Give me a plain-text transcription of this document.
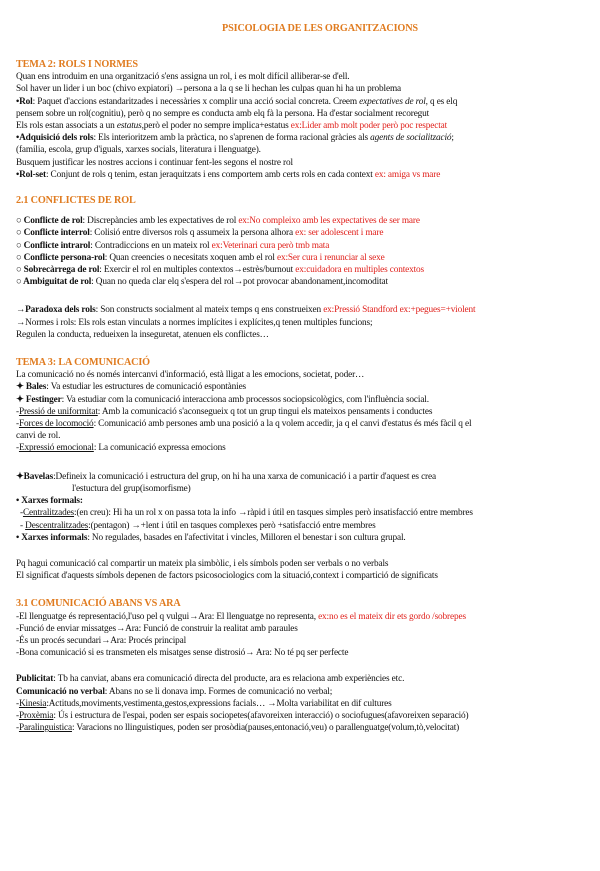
PSICOLOGIA DE LES ORGANITZACIONS
TEMA 2: ROLS I NORMES
Quan ens introduim en una organització s'ens assigna un rol, i es molt difícil alliberar-se d'ell.
Sol haver un lider i un boc (chivo expiatori) →persona a la q se li hechan les culpas quan hi ha un problema
•Rol: Paquet d'accions estandaritzades i necessàries x complir una acció social concreta. Creem expectatives de rol, q es elq
pensem sobre un rol(cognitiu), però q no sempre es conducta amb elq fà la persona. Ha d'estar socialment recoregut
Els rols estan associats a un estatus,però el poder no sempre implica+estatus ex:Lider amb molt poder però poc respectat
•Adquisició dels rols: Els interioritzem amb la pràctica, no s'aprenen de forma racional gràcies als agents de socialització;
(familia, escola, grup d'iguals, xarxes socials, literatura i llenguatge).
Busquem justificar les nostres accions i continuar fent-les segons el nostre rol
•Rol-set: Conjunt de rols q tenim, estan jeraquitzats i ens comportem amb certs rols en cada context ex: amiga vs mare
2.1 CONFLICTES DE ROL
○ Conflicte de rol: Discrepàncies amb les expectatives de rol ex:No compleixo amb les expectatives de ser mare
○ Conflicte interrol: Colisió entre diversos rols q assumeix la persona alhora ex: ser adolescent i mare
○ Conflicte intrarol: Contradiccions en un mateix rol ex:Veterinari cura però tmb mata
○ Conflicte persona-rol: Quan creencies o necesitats xoquen amb el rol ex:Ser cura i renunciar al sexe
○ Sobrecàrrega de rol: Exercir el rol en multiples contextos→estrès/burnout ex:cuidadora en multiples contextos
○ Ambiguitat de rol: Quan no queda clar elq s'espera del rol→pot provocar abandonament,incomoditat
→Paradoxa dels rols: Son constructs socialment al mateix temps q ens construeixen ex:Pressió Standford ex:+pegues=+violent
→Normes i rols: Els rols estan vinculats a normes implícites i explícites,q tenen multiples funcions;
Regulen la conducta, redueixen la inseguretat, atenuen els conflictes…
TEMA 3: LA COMUNICACIÓ
La comunicació no és només intercanvi d'informació, està lligat a les emocions, societat, poder…
✦ Bales: Va estudiar les estructures de comunicació espontànies
✦ Festinger: Va estudiar com la comunicació interacciona amb processos sociopsicològics, com l'influència social.
-Pressió de uniformitat: Amb la comunicació s'aconsegueix q tot un grup tingui els mateixos pensaments i conductes
-Forces de locomoció: Comunicació amb persones amb una posició a la q volem accedir, ja q el canvi d'estatus és més fàcil q el
canvi de rol.
-Expressió emocional: La comunicació expressa emocions
✦Bavelas:Defineix la comunicació i estructura del grup, on hi ha una xarxa de comunicació i a partir d'aquest es crea
l'estuctura del grup(isomorfisme)
• Xarxes formals:
-Centralitzades:(en creu): Hi ha un rol x on passa tota la info →ràpid i útil en tasques simples però insatisfacció entre membres
- Descentralitzades:(pentagon) →+lent i útil en tasques complexes però +satisfacció entre membres
• Xarxes informals: No regulades, basades en l'afectivitat i vincles, Milloren el benestar i son cultura grupal.
Pq hagui comunicació cal compartir un mateix pla simbòlic, i els símbols poden ser verbals o no verbals
El significat d'aquests símbols depenen de factors psicosociologics com la situació,context i compartició de significats
3.1 COMUNICACIÓ ABANS VS ARA
-El llenguatge és representació,l'uso pel q vulgui→Ara: El llenguatge no representa, ex:no es el mateix dir ets gordo /sobrepes
-Funció de enviar missatges→Ara: Funció de construir la realitat amb paraules
-És un procés secundari→Ara: Procés principal
-Bona comunicació si es transmeten els misatges sense distrosió→ Ara: No té pq ser perfecte
Publicitat: Tb ha canviat, abans era comunicació directa del producte, ara es relaciona amb experiències etc.
Comunicació no verbal: Abans no se li donava imp. Formes de comunicació no verbal;
-Kinesia:Actituds,moviments,vestimenta,gestos,expressions facials… →Molta variabilitat en dif cultures
-Proxèmia: Ús i estructura de l'espai, poden ser espais sociopetes(afavoreixen interacció) o sociofugues(afavoreixen separació)
-Paralinguistica: Varacions no llinguistiques, poden ser prosòdia(pauses,entonació,veu) o parallenguatge(volum,tò,velocitat)
